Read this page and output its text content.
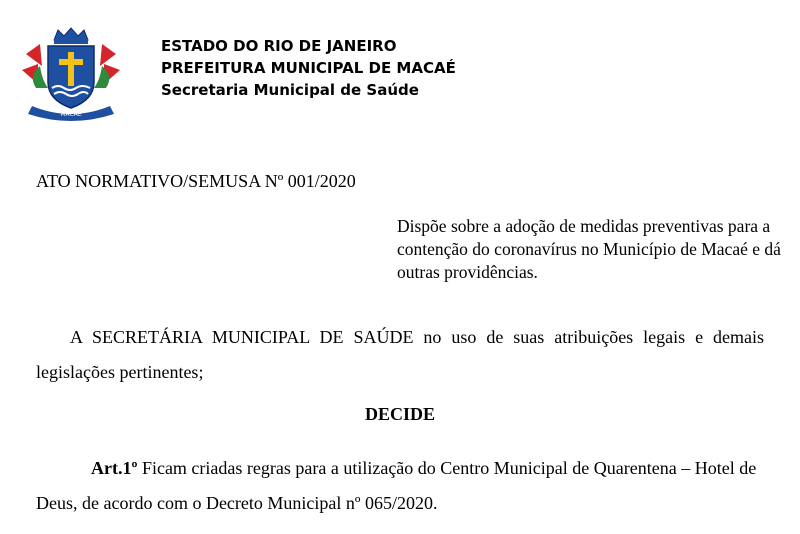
MACAÉ
ESTADO DO RIO DE JANEIRO
PREFEITURA MUNICIPAL DE MACAÉ
Secretaria Municipal de Saúde
ATO NORMATIVO/SEMUSA Nº 001/2020
Dispõe sobre a adoção de medidas preventivas para a contenção do coronavírus no Município de Macaé e dá outras providências.
A SECRETÁRIA MUNICIPAL DE SAÚDE no uso de suas atribuições legais e demais legislações pertinentes;
DECIDE
Art.1º Ficam criadas regras para a utilização do Centro Municipal de Quarentena – Hotel de Deus, de acordo com o Decreto Municipal nº 065/2020.
